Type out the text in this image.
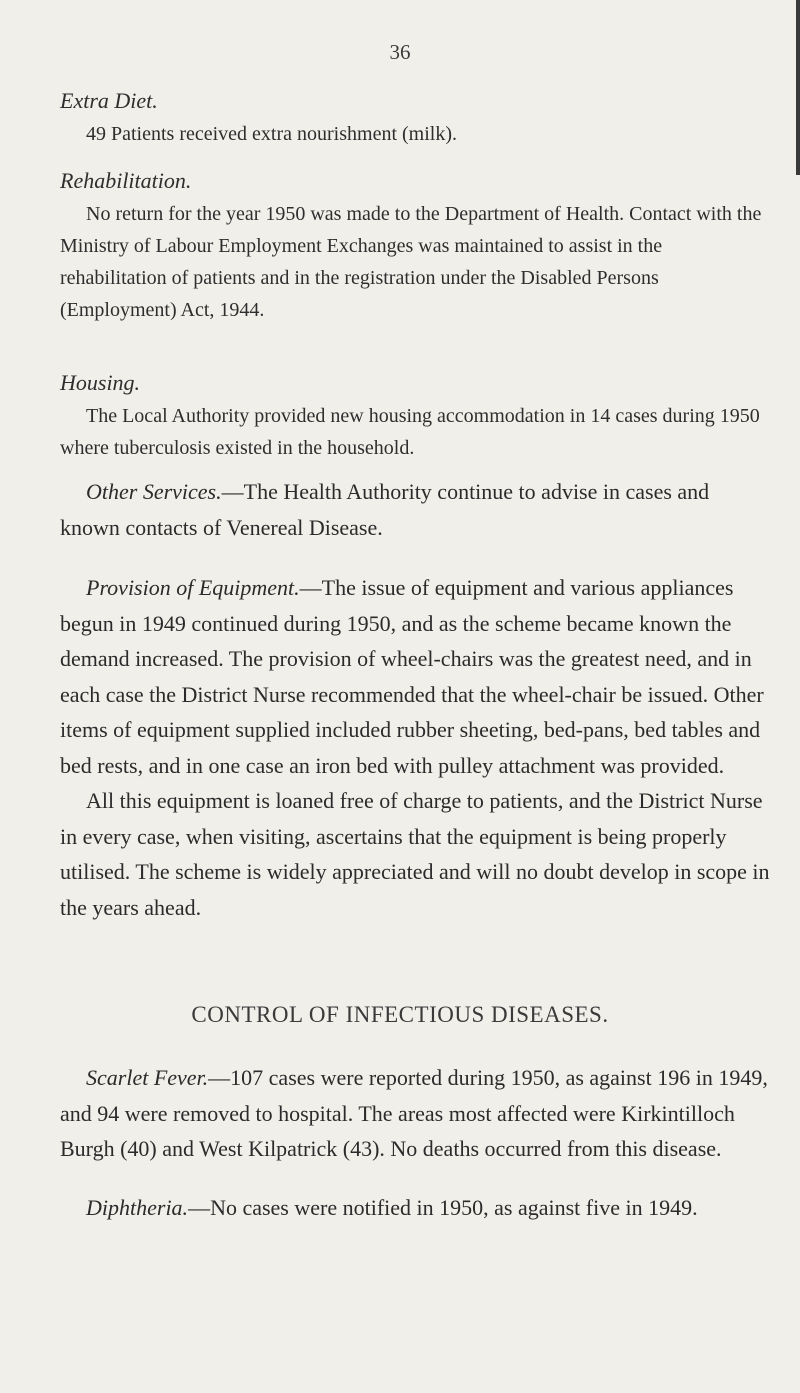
36
Extra Diet.

49 Patients received extra nourishment (milk).

Rehabilitation.

No return for the year 1950 was made to the Department of Health. Contact with the Ministry of Labour Employment Exchanges was maintained to assist in the rehabilitation of patients and in the registration under the Disabled Persons (Employment) Act, 1944.

Housing.

The Local Authority provided new housing accommodation in 14 cases during 1950 where tuberculosis existed in the household.

Other Services.—The Health Authority continue to advise in cases and known contacts of Venereal Disease.

Provision of Equipment.—The issue of equipment and various appliances begun in 1949 continued during 1950, and as the scheme became known the demand increased. The provision of wheel-chairs was the greatest need, and in each case the District Nurse recommended that the wheel-chair be issued. Other items of equipment supplied included rubber sheeting, bed-pans, bed tables and bed rests, and in one case an iron bed with pulley attachment was provided.

All this equipment is loaned free of charge to patients, and the District Nurse in every case, when visiting, ascertains that the equipment is being properly utilised. The scheme is widely appreciated and will no doubt develop in scope in the years ahead.

CONTROL OF INFECTIOUS DISEASES.

Scarlet Fever.—107 cases were reported during 1950, as against 196 in 1949, and 94 were removed to hospital. The areas most affected were Kirkintilloch Burgh (40) and West Kilpatrick (43). No deaths occurred from this disease.

Diphtheria.—No cases were notified in 1950, as against five in 1949.
